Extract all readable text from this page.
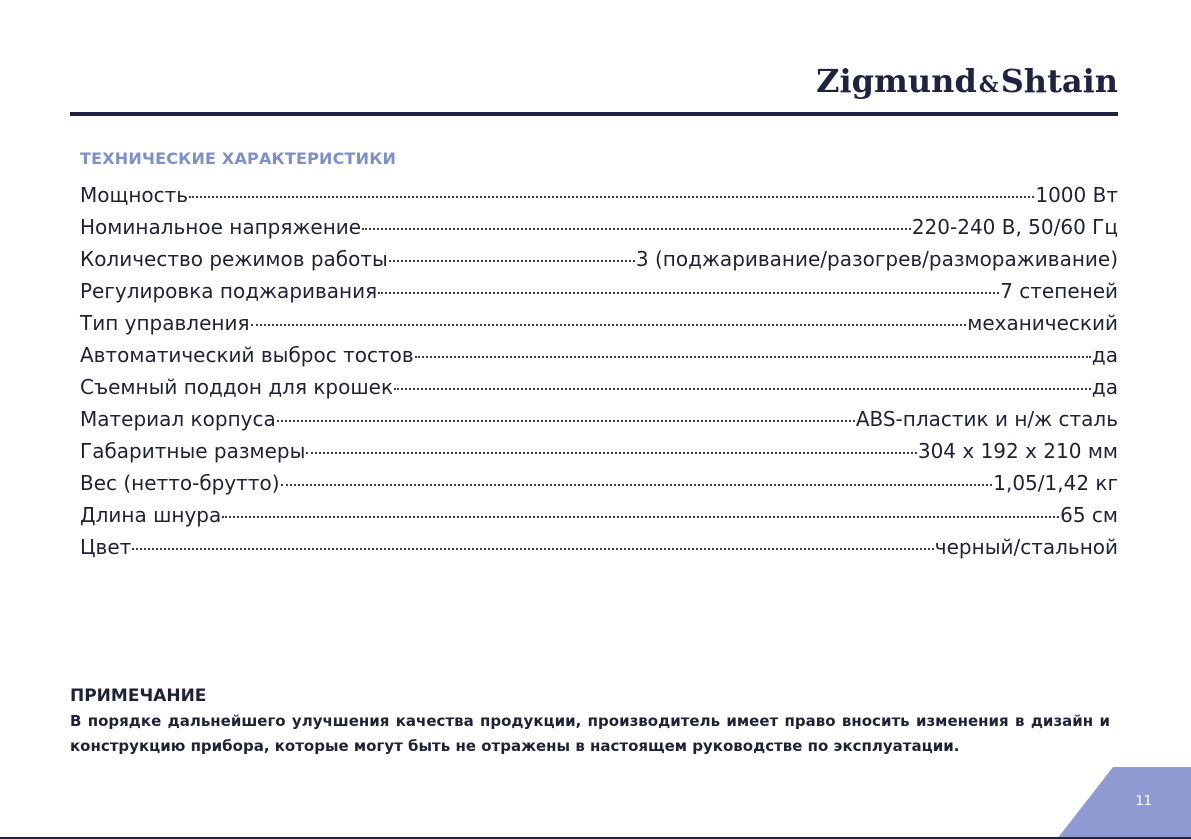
Zigmund&Shtain
ТЕХНИЧЕСКИЕ ХАРАКТЕРИСТИКИ
Мощность	1000 Вт
Номинальное напряжение	220-240 В, 50/60 Гц
Количество режимов работы	3 (поджаривание/разогрев/размораживание)
Регулировка поджаривания	7 степеней
Тип управления	механический
Автоматический выброс тостов	да
Съемный поддон для крошек	да
Материал корпуса	ABS-пластик и н/ж сталь
Габаритные размеры	304 х 192 х 210 мм
Вес (нетто-брутто)	1,05/1,42 кг
Длина шнура	65 см
Цвет	черный/стальной
ПРИМЕЧАНИЕ
В порядке дальнейшего улучшения качества продукции, производитель имеет право вносить изменения в дизайн и конструкцию прибора, которые могут быть не отражены в настоящем руководстве по эксплуатации.
11
